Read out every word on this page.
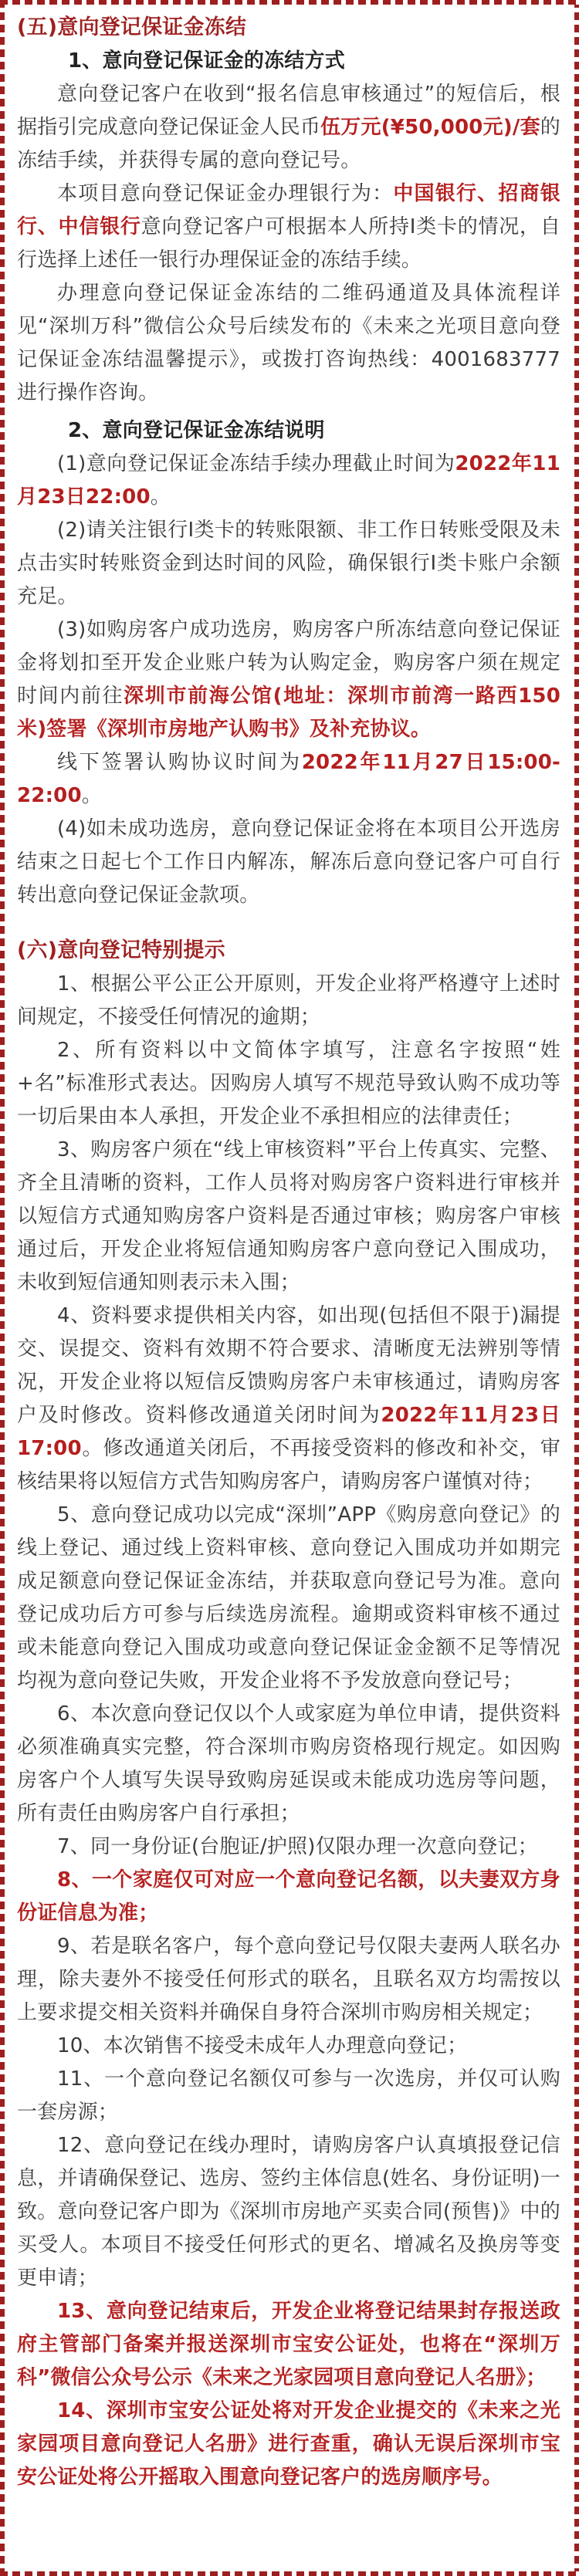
(五)意向登记保证金冻结
1、意向登记保证金的冻结方式

意向登记客户在收到“报名信息审核通过”的短信后，根据指引完成意向登记保证金人民币伍万元(¥50,000元)/套的冻结手续，并获得专属的意向登记号。

本项目意向登记保证金办理银行为：中国银行、招商银行、中信银行意向登记客户可根据本人所持Ⅰ类卡的情况，自行选择上述任一银行办理保证金的冻结手续。

办理意向登记保证金冻结的二维码通道及具体流程详见“深圳万科”微信公众号后续发布的《未来之光项目意向登记保证金冻结温馨提示》，或拨打咨询热线：4001683777进行操作咨询。

2、意向登记保证金冻结说明

(1)意向登记保证金冻结手续办理截止时间为2022年11月23日22:00。

(2)请关注银行Ⅰ类卡的转账限额、非工作日转账受限及未点击实时转账资金到达时间的风险，确保银行Ⅰ类卡账户余额充足。

(3)如购房客户成功选房，购房客户所冻结意向登记保证金将划扣至开发企业账户转为认购定金，购房客户须在规定时间内前往深圳市前海公馆(地址：深圳市前湾一路西150米)签署《深圳市房地产认购书》及补充协议。

线下签署认购协议时间为2022年11月27日15:00-22:00。

(4)如未成功选房，意向登记保证金将在本项目公开选房结束之日起七个工作日内解冻，解冻后意向登记客户可自行转出意向登记保证金款项。

(六)意向登记特别提示

1、根据公平公正公开原则，开发企业将严格遵守上述时间规定，不接受任何情况的逾期；

2、所有资料以中文简体字填写，注意名字按照“姓+名”标准形式表达。因购房人填写不规范导致认购不成功等一切后果由本人承担，开发企业不承担相应的法律责任；

3、购房客户须在“线上审核资料”平台上传真实、完整、齐全且清晰的资料，工作人员将对购房客户资料进行审核并以短信方式通知购房客户资料是否通过审核；购房客户审核通过后，开发企业将短信通知购房客户意向登记入围成功，未收到短信通知则表示未入围；

4、资料要求提供相关内容，如出现(包括但不限于)漏提交、误提交、资料有效期不符合要求、清晰度无法辨别等情况，开发企业将以短信反馈购房客户未审核通过，请购房客户及时修改。资料修改通道关闭时间为2022年11月23日17:00。修改通道关闭后，不再接受资料的修改和补交，审核结果将以短信方式告知购房客户，请购房客户谨慎对待；

5、意向登记成功以完成“深圳”APP《购房意向登记》的线上登记、通过线上资料审核、意向登记入围成功并如期完成足额意向登记保证金冻结，并获取意向登记号为准。意向登记成功后方可参与后续选房流程。逾期或资料审核不通过或未能意向登记入围成功或意向登记保证金金额不足等情况均视为意向登记失败，开发企业将不予发放意向登记号；

6、本次意向登记仅以个人或家庭为单位申请，提供资料必须准确真实完整，符合深圳市购房资格现行规定。如因购房客户个人填写失误导致购房延误或未能成功选房等问题，所有责任由购房客户自行承担；

7、同一身份证(台胞证/护照)仅限办理一次意向登记；

8、一个家庭仅可对应一个意向登记名额，以夫妻双方身份证信息为准；

9、若是联名客户，每个意向登记号仅限夫妻两人联名办理，除夫妻外不接受任何形式的联名，且联名双方均需按以上要求提交相关资料并确保自身符合深圳市购房相关规定；

10、本次销售不接受未成年人办理意向登记；

11、一个意向登记名额仅可参与一次选房，并仅可认购一套房源；

12、意向登记在线办理时，请购房客户认真填报登记信息，并请确保登记、选房、签约主体信息(姓名、身份证明)一致。意向登记客户即为《深圳市房地产买卖合同(预售)》中的买受人。本项目不接受任何形式的更名、增减名及换房等变更申请；

13、意向登记结束后，开发企业将登记结果封存报送政府主管部门备案并报送深圳市宝安公证处，也将在“深圳万科”微信公众号公示《未来之光家园项目意向登记人名册》；

14、深圳市宝安公证处将对开发企业提交的《未来之光家园项目意向登记人名册》进行查重，确认无误后深圳市宝安公证处将公开摇取入围意向登记客户的选房顺序号。
